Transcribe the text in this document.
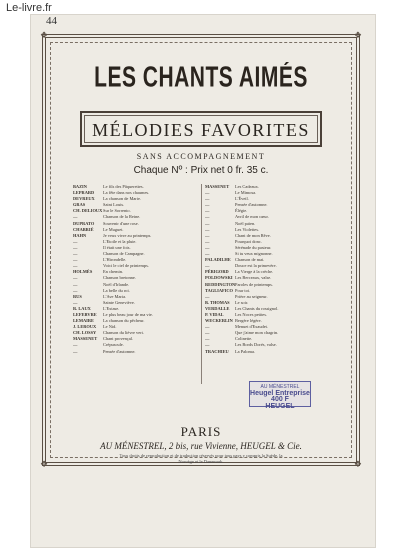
Le-livre.fr
44
❖	❖
❖	❖
LES CHANTS AIMÉS
MÉLODIES FAVORITES
SANS ACCOMPAGNEMENT
Chaque Nº : Prix net 0 fr. 35 c.
BAZIN	Le fils des Pâquerettes.
LEPRARD	La fête dans nos chaumes.
DEVREUX	La chanson de Marie.
GRAS	Saint Louis.
CH. DELIOUX Sur le Sorrento.
—	Chanson de la Reine.
DUPRATO	Souvenir d'une rose.
CHABRIÉ	Le Muguet.
HAHN	Je veux vivre au printemps.
—	L'Etoile et la pluie.
—	Il était une fois.
—	Chanson de Campagne.
—	L'Hirondelle.
—	Voici le ciel de printemps.
HOLMÈS	En chemin.
—	Chanson bretonne.
—	Noël d'Irlande.
—	La belle du roi.
RUS	L'Ave Maria.
—	Sainte Geneviève.
R. LAUX	L'Extase.
LEFEBVRE	Le plus beau jour de ma vie.
LEMAIRE	La chanson du pêcheur.
J. LEROUX	Le Nid.
CH. LOSSY	Chanson du lièvre vert.
MASSENET	Chant provençal.
—	Crépuscule.
—	Pensée d'automne.
MASSENET	Les Cadeaux.
—	Le Mimosa.
—	L'Éveil.
—	Pensée d'automne.
—	Élégie.
—	Avril de mon cœur.
—	Noël païen.
—	Les Violettes.
—	Chant de mon Rêve.
—	Pourquoi donc.
—	Sérénade du pasteur.
—	Si tu veux mignonne.
PALADILHE Chanson de mai.
—	Douce est la primevère.
PÉRIGORD	La Vierge à la crèche.
POLDOWSKI Les Berceaux, valse.
REDDINGTON Paroles de printemps.
TAGLIAFICO Pour toi.
—	Prière au seigneur.
B. THOMAS	Le soir.
VERDALLE	Les Chants du rossignol.
P. VIDAL	Les Noces petites.
WECKERLIN Bergère légère.
—	Menuet d'Exaudet.
—	Que j'aime mon chagrin.
—	Colinette.
—	Les Bords Dorés, valse.
TRACHIEU	La Paloma.
AU MÉNESTREL
Heugel Entreprise 400 F
HEUGEL
PARIS
AU MÉNESTREL, 2 bis, rue Vivienne, HEUGEL & Cie.
Tous droits de reproduction et de traduction réservés pour tous pays y compris la Suède, la Norvège et le Danemark.
